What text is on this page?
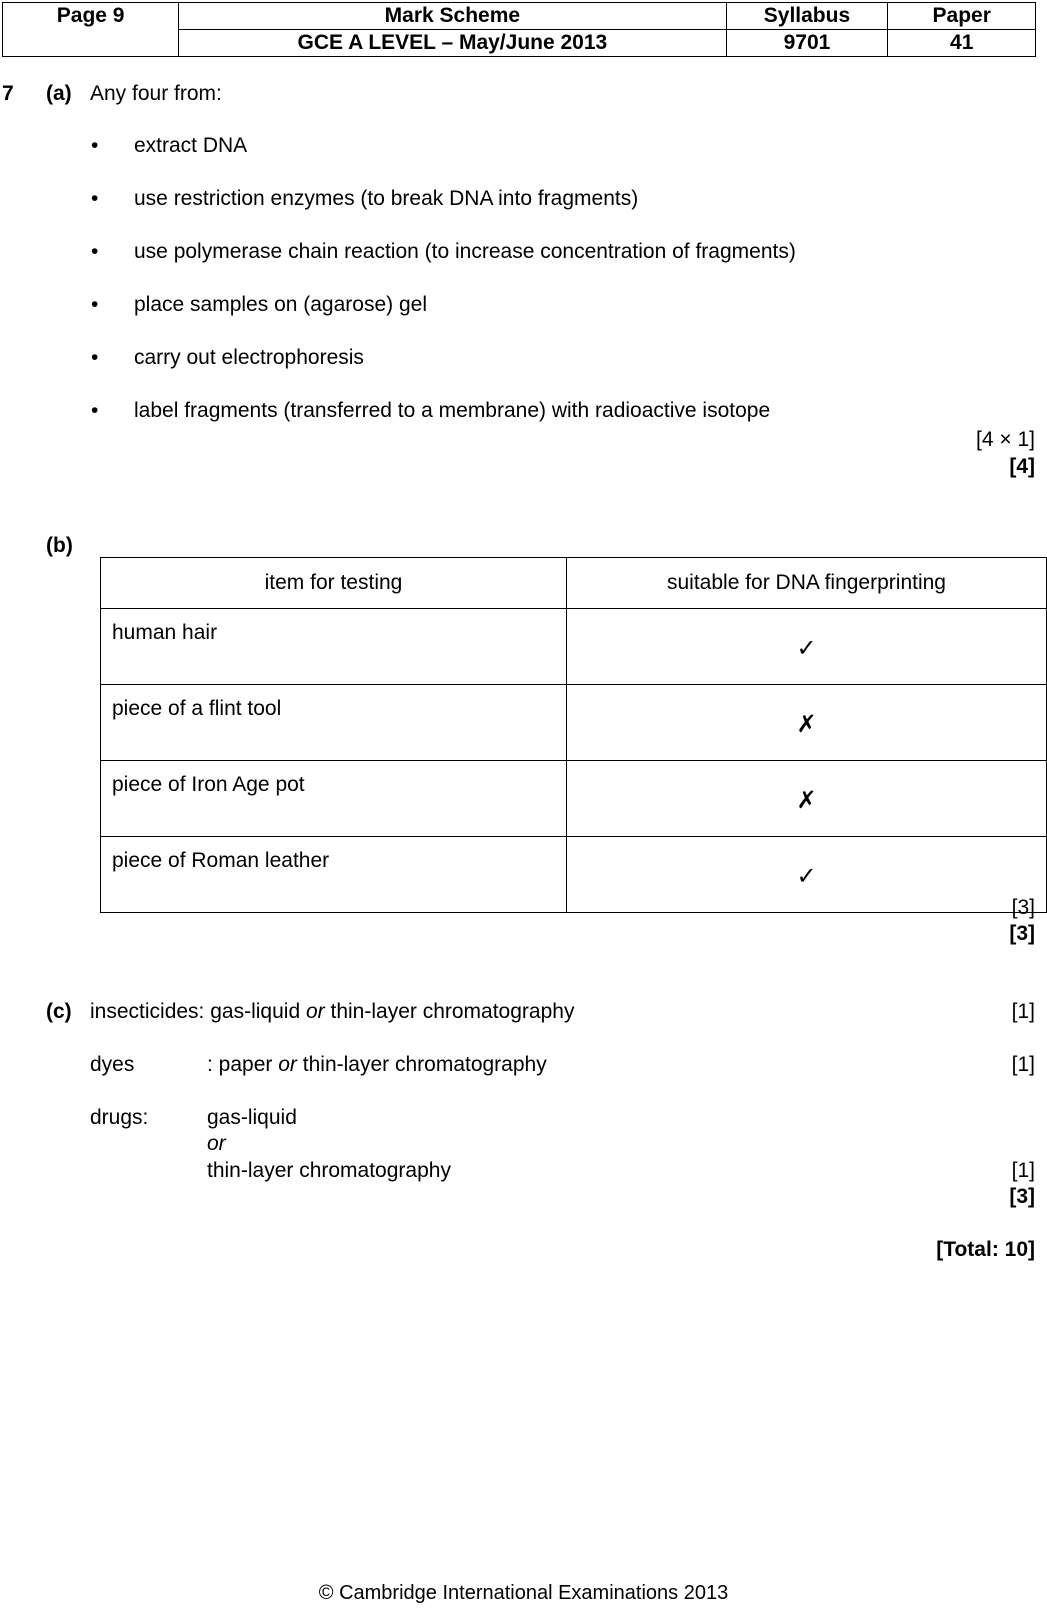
Page 9	Mark Scheme	Syllabus	Paper
	GCE A LEVEL – May/June 2013	9701	41
7 (a) Any four from:
• extract DNA
• use restriction enzymes (to break DNA into fragments)
• use polymerase chain reaction (to increase concentration of fragments)
• place samples on (agarose) gel
• carry out electrophoresis
• label fragments (transferred to a membrane) with radioactive isotope
[4 × 1]
[4]
(b)
item for testing	suitable for DNA fingerprinting
human hair	✓
piece of a flint tool	✗
piece of Iron Age pot	✗
piece of Roman leather	✓
[3]
[3]
(c) insecticides: gas-liquid or thin-layer chromatography	[1]
dyes	: paper or thin-layer chromatography	[1]
drugs:	gas-liquid
or
thin-layer chromatography	[1]
[3]
[Total: 10]
© Cambridge International Examinations 2013
